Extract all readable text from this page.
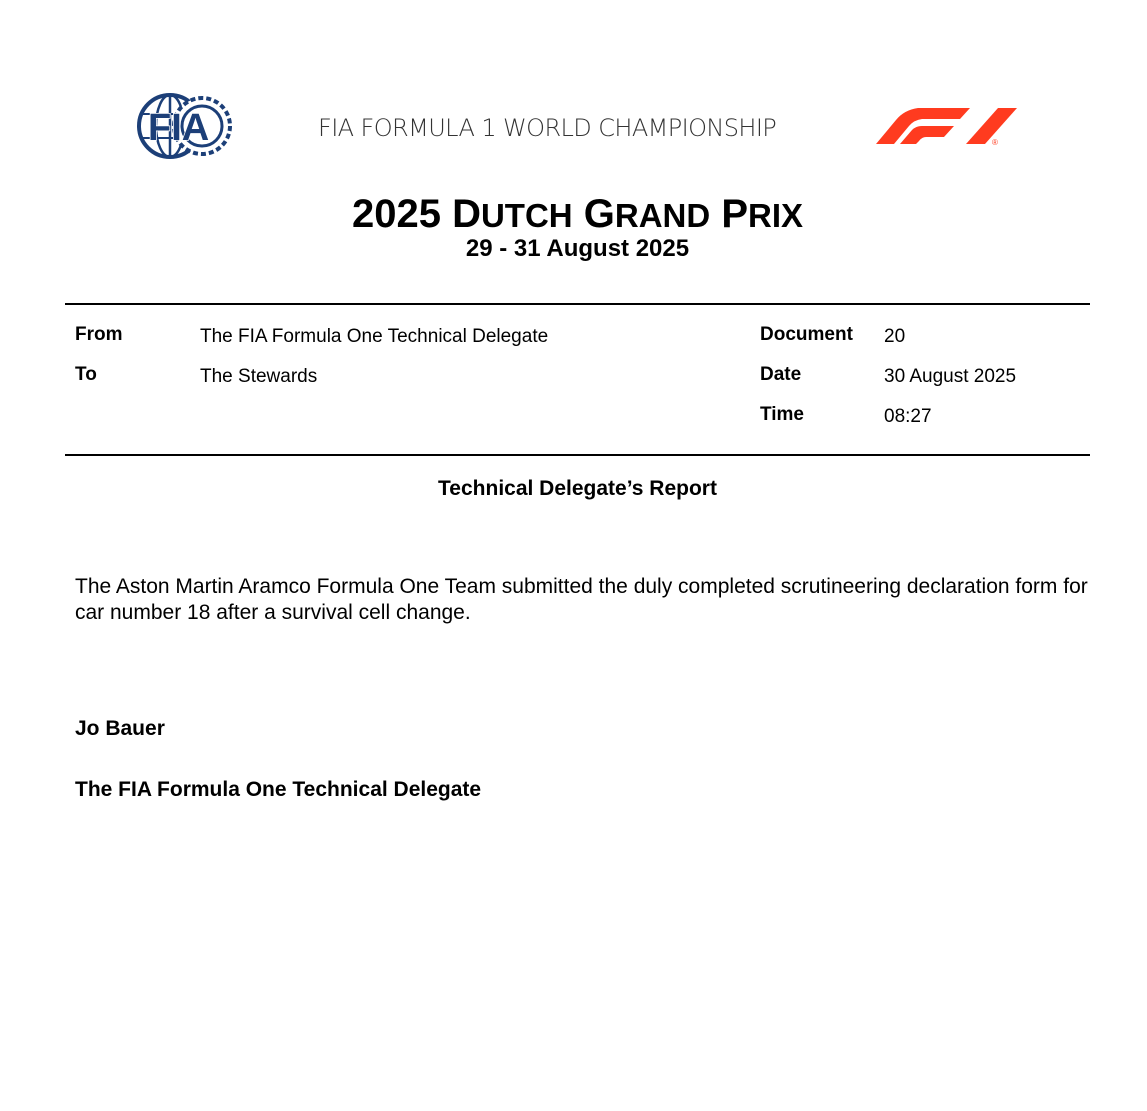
FIA	FIA FORMULA 1 WORLD CHAMPIONSHIP
®
2025 DUTCH GRAND PRIX
29 - 31 August 2025
From	The FIA Formula One Technical Delegate
To	The Stewards
Document 20
Date	30 August 2025
Time	08:27
Technical Delegate’s Report
The Aston Martin Aramco Formula One Team submitted the duly completed scrutineering declaration form for car number 18 after a survival cell change.
Jo Bauer
The FIA Formula One Technical Delegate
